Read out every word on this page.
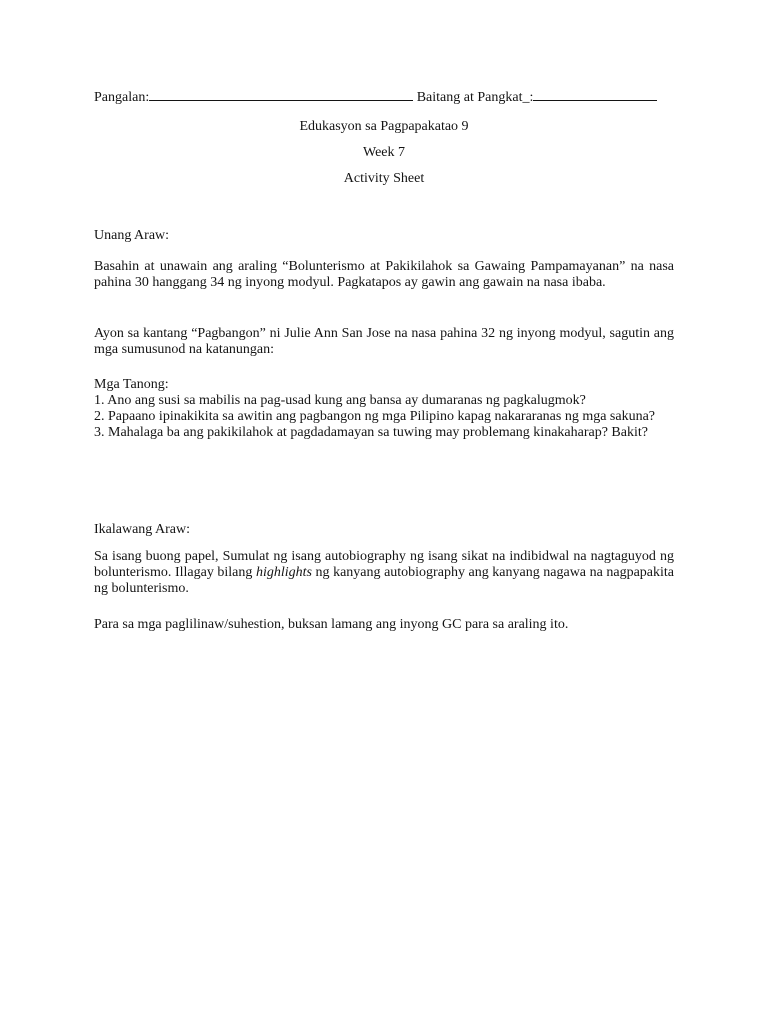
Pangalan:	Baitang at Pangkat_:
Edukasyon sa Pagpapakatao 9
Week 7
Activity Sheet
Unang Araw:

Basahin at unawain ang araling “Bolunterismo at Pakikilahok sa Gawaing Pampamayanan” na nasa pahina 30 hanggang 34 ng inyong modyul. Pagkatapos ay gawin ang gawain na nasa ibaba.

Ayon sa kantang “Pagbangon” ni Julie Ann San Jose na nasa pahina 32 ng inyong modyul, sagutin ang mga sumusunod na katanungan:

Mga Tanong:
1. Ano ang susi sa mabilis na pag-usad kung ang bansa ay dumaranas ng pagkalugmok?
2. Papaano ipinakikita sa awitin ang pagbangon ng mga Pilipino kapag nakararanas ng mga sakuna?
3. Mahalaga ba ang pakikilahok at pagdadamayan sa tuwing may problemang kinakaharap? Bakit?
Ikalawang Araw:

Sa isang buong papel, Sumulat ng isang autobiography ng isang sikat na indibidwal na nagtaguyod ng bolunterismo. Illagay bilang highlights ng kanyang autobiography ang kanyang nagawa na nagpapakita ng bolunterismo.

Para sa mga paglilinaw/suhestion, buksan lamang ang inyong GC para sa araling ito.
